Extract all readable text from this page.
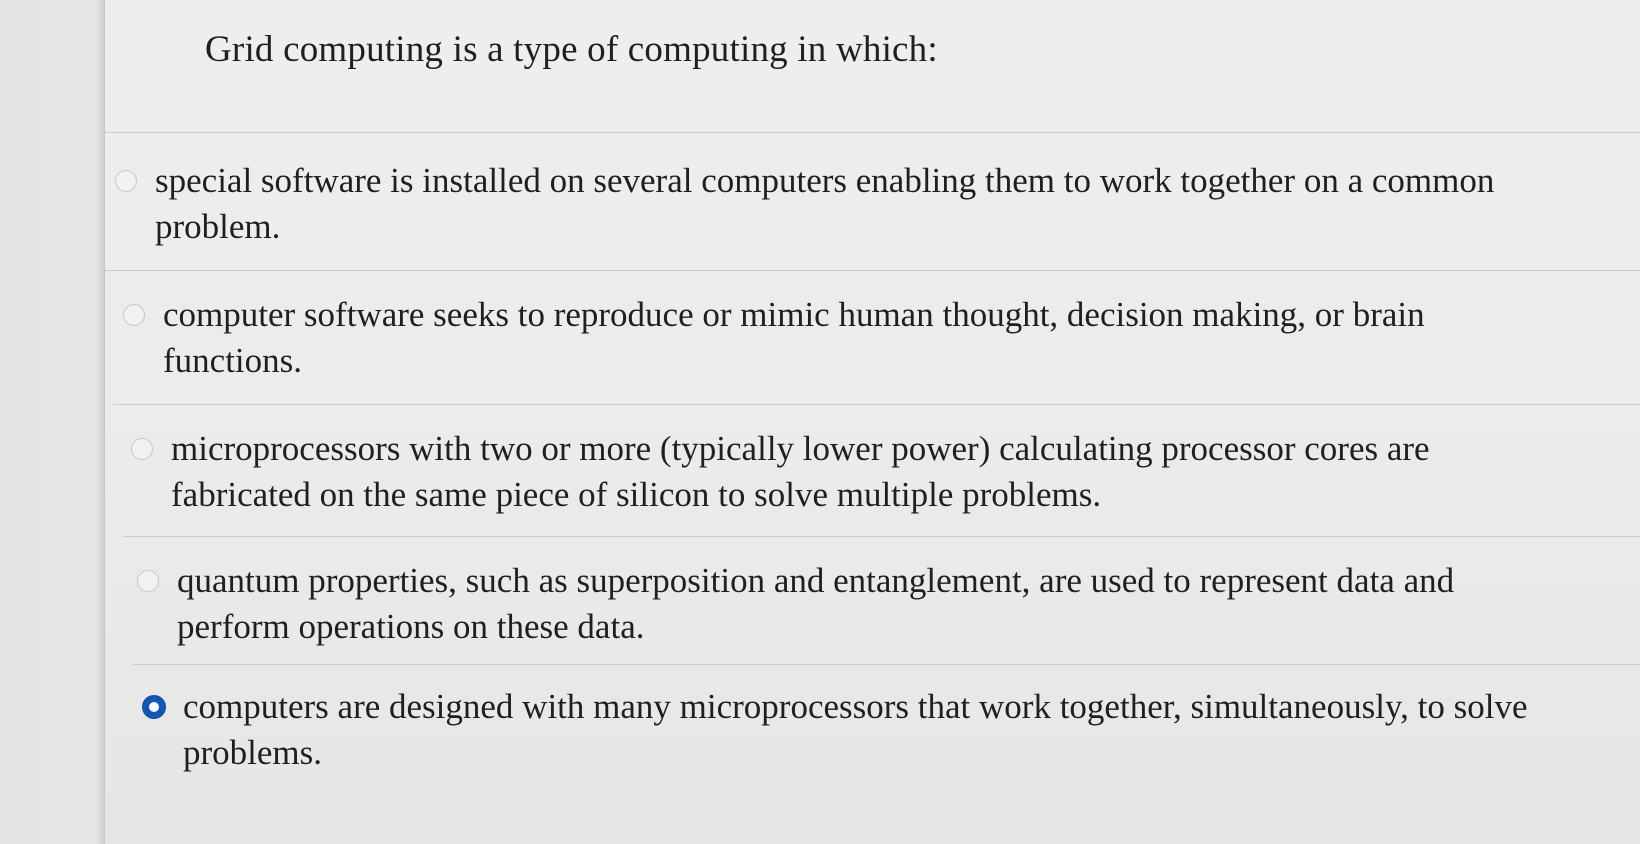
Grid computing is a type of computing in which:
special software is installed on several computers enabling them to work together on a common problem.
computer software seeks to reproduce or mimic human thought, decision making, or brain functions.
microprocessors with two or more (typically lower power) calculating processor cores are fabricated on the same piece of silicon to solve multiple problems.
quantum properties, such as superposition and entanglement, are used to represent data and perform operations on these data.
computers are designed with many microprocessors that work together, simultaneously, to solve problems.
